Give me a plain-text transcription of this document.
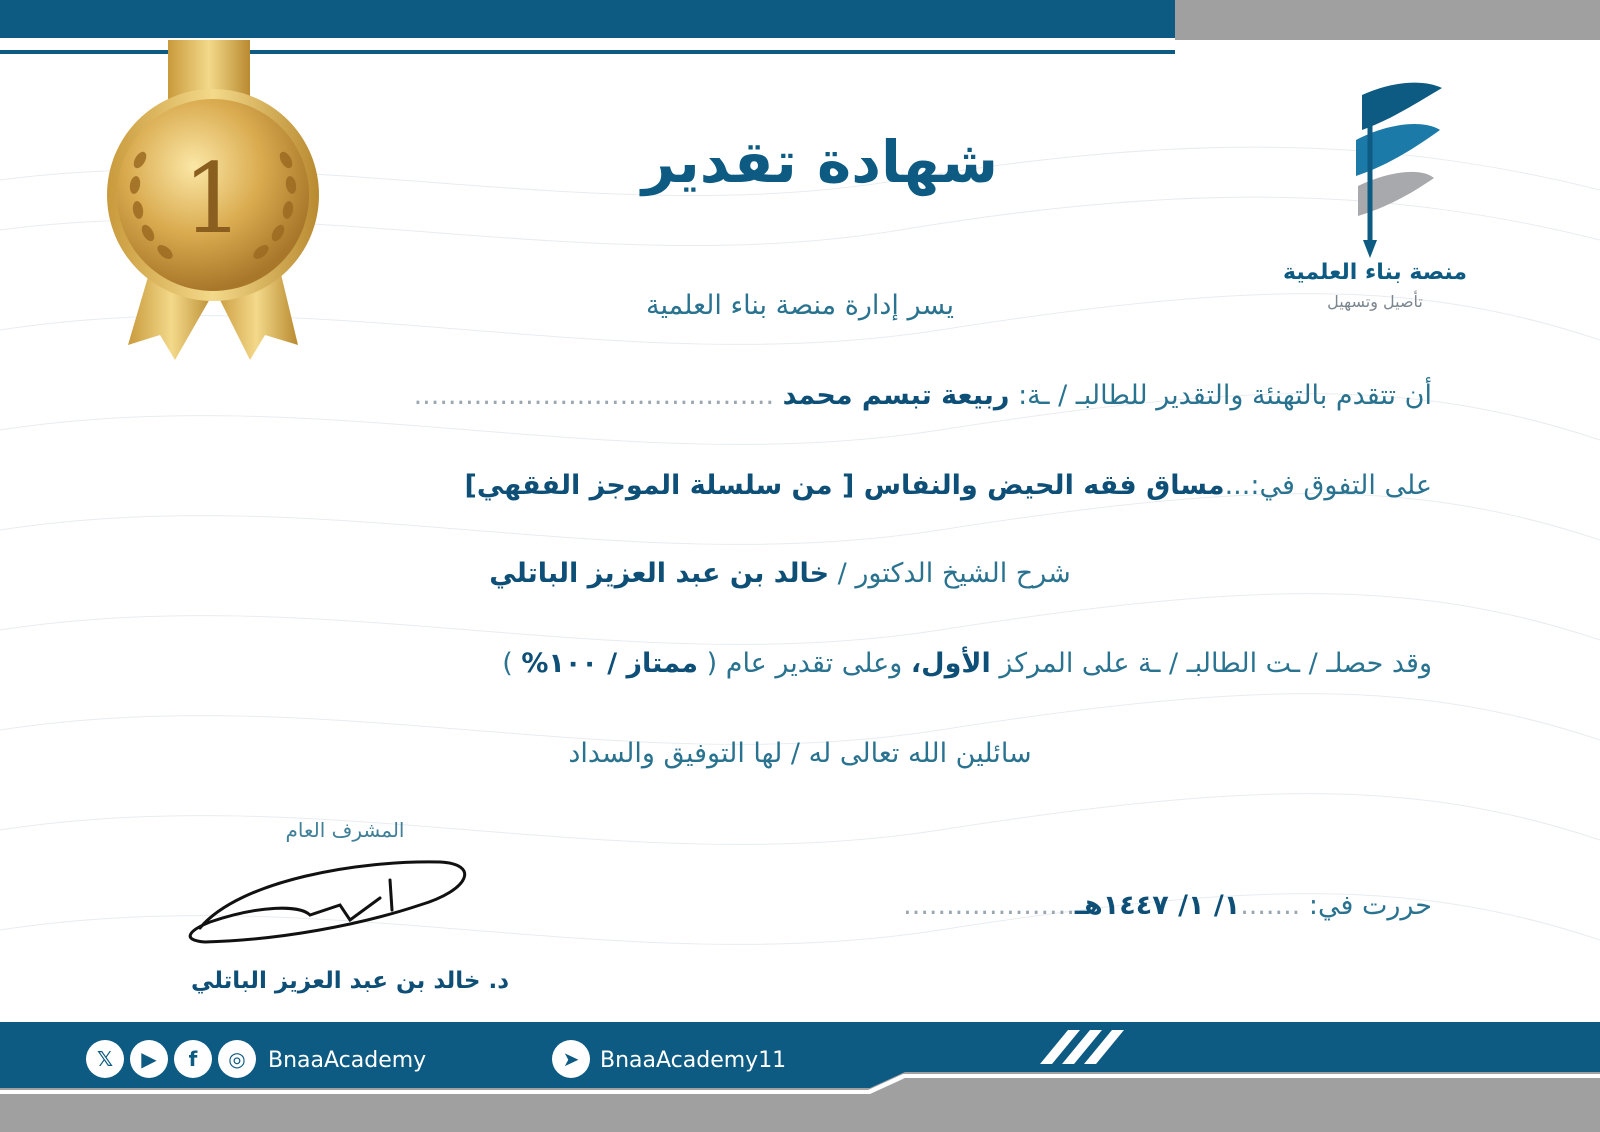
1	شهادة تقدير
منصة بناء العلمية
تأصيل وتسهيل
يسر إدارة منصة بناء العلمية
أن تتقدم بالتهنئة والتقدير للطالبـ / ـة: ربيعة تبسم محمد ..........................................
على التفوق في:...مساق فقه الحيض والنفاس [ من سلسلة الموجز الفقهي]
شرح الشيخ الدكتور / خالد بن عبد العزيز الباتلي
وقد حصلـ / ـت الطالبـ / ـة على المركز الأول، وعلى تقدير عام ( ممتاز / ١٠٠% )
سائلين الله تعالى له / لها التوفيق والسداد
حررت في: .......١/ ١/ ١٤٤٧هـ....................
المشرف العام
د. خالد بن عبد العزيز الباتلي
𝕏	▶	f	◎	BnaaAcademy	➤ BnaaAcademy11
